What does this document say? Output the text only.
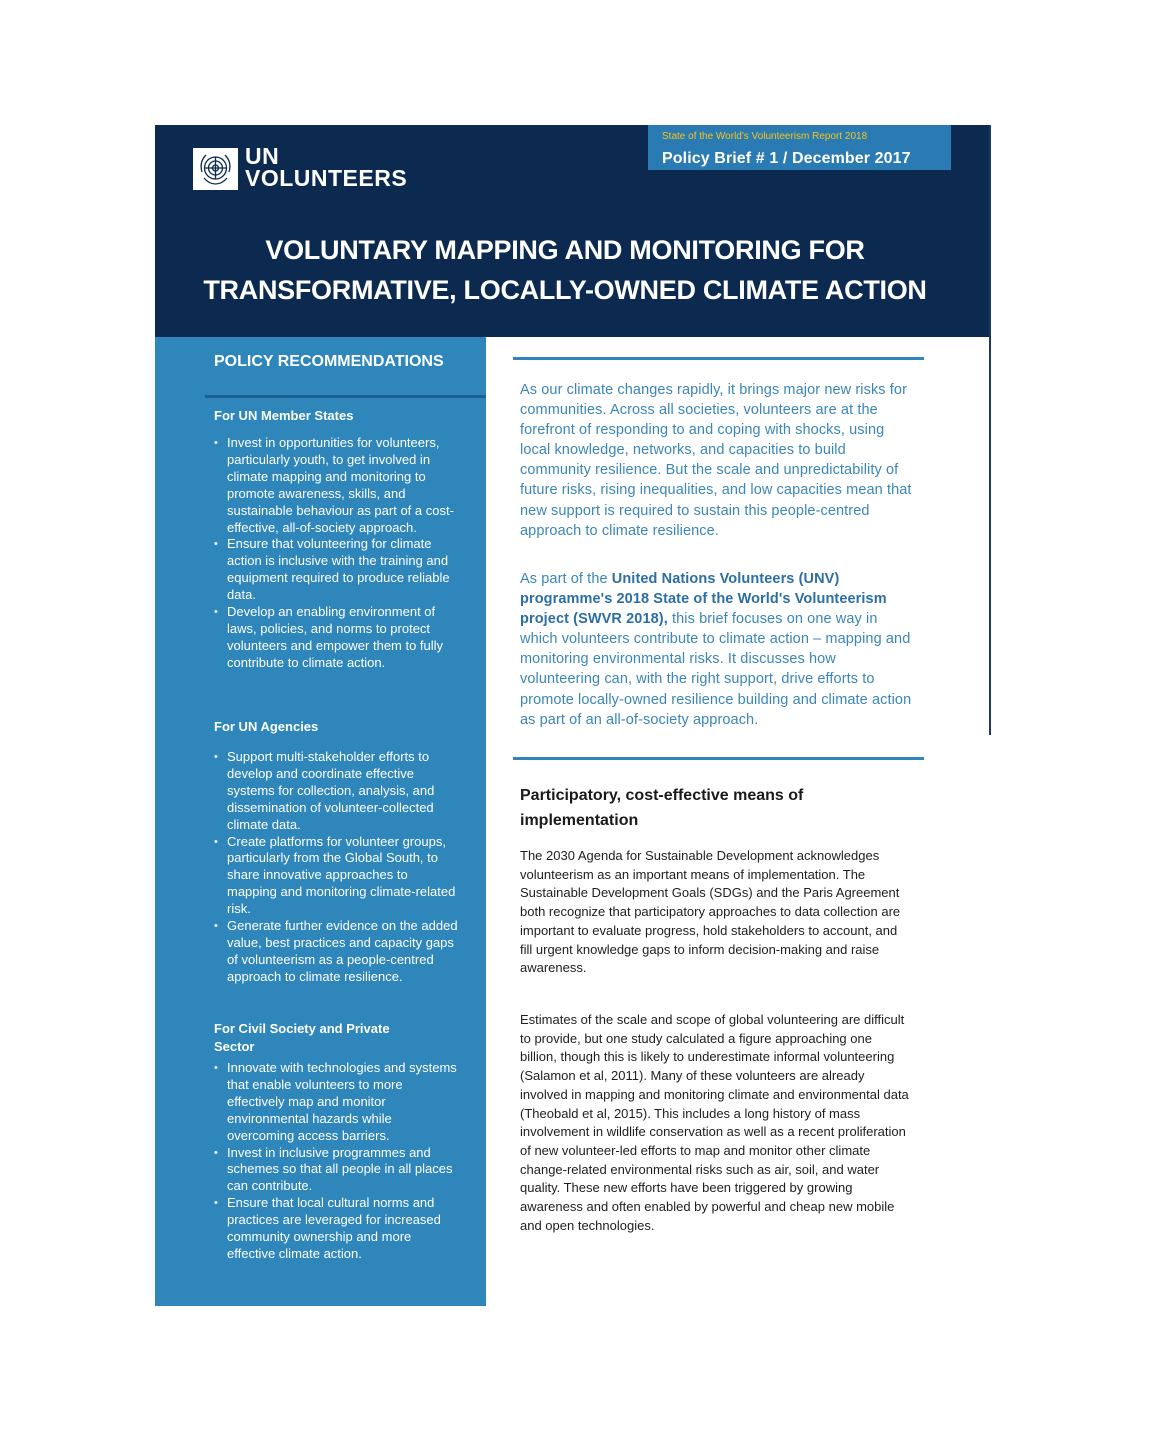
State of the World's Volunteerism Report 2018
Policy Brief # 1 / December 2017
UN
VOLUNTEERS
VOLUNTARY MAPPING AND MONITORING FOR
TRANSFORMATIVE, LOCALLY-OWNED CLIMATE ACTION
POLICY RECOMMENDATIONS
For UN Member States
• Invest in opportunities for volunteers, particularly youth, to get involved in climate mapping and monitoring to promote awareness, skills, and sustainable behaviour as part of a cost-effective, all-of-society approach.
• Ensure that volunteering for climate action is inclusive with the training and equipment required to produce reliable data.
• Develop an enabling environment of laws, policies, and norms to protect volunteers and empower them to fully contribute to climate action.
For UN Agencies
• Support multi-stakeholder efforts to develop and coordinate effective systems for collection, analysis, and dissemination of volunteer-collected climate data.
• Create platforms for volunteer groups, particularly from the Global South, to share innovative approaches to mapping and monitoring climate-related risk.
• Generate further evidence on the added value, best practices and capacity gaps of volunteerism as a people-centred approach to climate resilience.
For Civil Society and Private Sector
• Innovate with technologies and systems that enable volunteers to more effectively map and monitor environmental hazards while overcoming access barriers.
• Invest in inclusive programmes and schemes so that all people in all places can contribute.
• Ensure that local cultural norms and practices are leveraged for increased community ownership and more effective climate action.
As our climate changes rapidly, it brings major new risks for communities. Across all societies, volunteers are at the forefront of responding to and coping with shocks, using local knowledge, networks, and capacities to build community resilience. But the scale and unpredictability of future risks, rising inequalities, and low capacities mean that new support is required to sustain this people-centred approach to climate resilience.
As part of the United Nations Volunteers (UNV) programme's 2018 State of the World's Volunteerism project (SWVR 2018), this brief focuses on one way in which volunteers contribute to climate action – mapping and monitoring environmental risks. It discusses how volunteering can, with the right support, drive efforts to promote locally-owned resilience building and climate action as part of an all-of-society approach.
Participatory, cost-effective means of implementation
The 2030 Agenda for Sustainable Development acknowledges volunteerism as an important means of implementation. The Sustainable Development Goals (SDGs) and the Paris Agreement both recognize that participatory approaches to data collection are important to evaluate progress, hold stakeholders to account, and fill urgent knowledge gaps to inform decision-making and raise awareness.
Estimates of the scale and scope of global volunteering are difficult to provide, but one study calculated a figure approaching one billion, though this is likely to underestimate informal volunteering (Salamon et al, 2011). Many of these volunteers are already involved in mapping and monitoring climate and environmental data (Theobald et al, 2015). This includes a long history of mass involvement in wildlife conservation as well as a recent proliferation of new volunteer-led efforts to map and monitor other climate change-related environmental risks such as air, soil, and water quality. These new efforts have been triggered by growing awareness and often enabled by powerful and cheap new mobile and open technologies.
